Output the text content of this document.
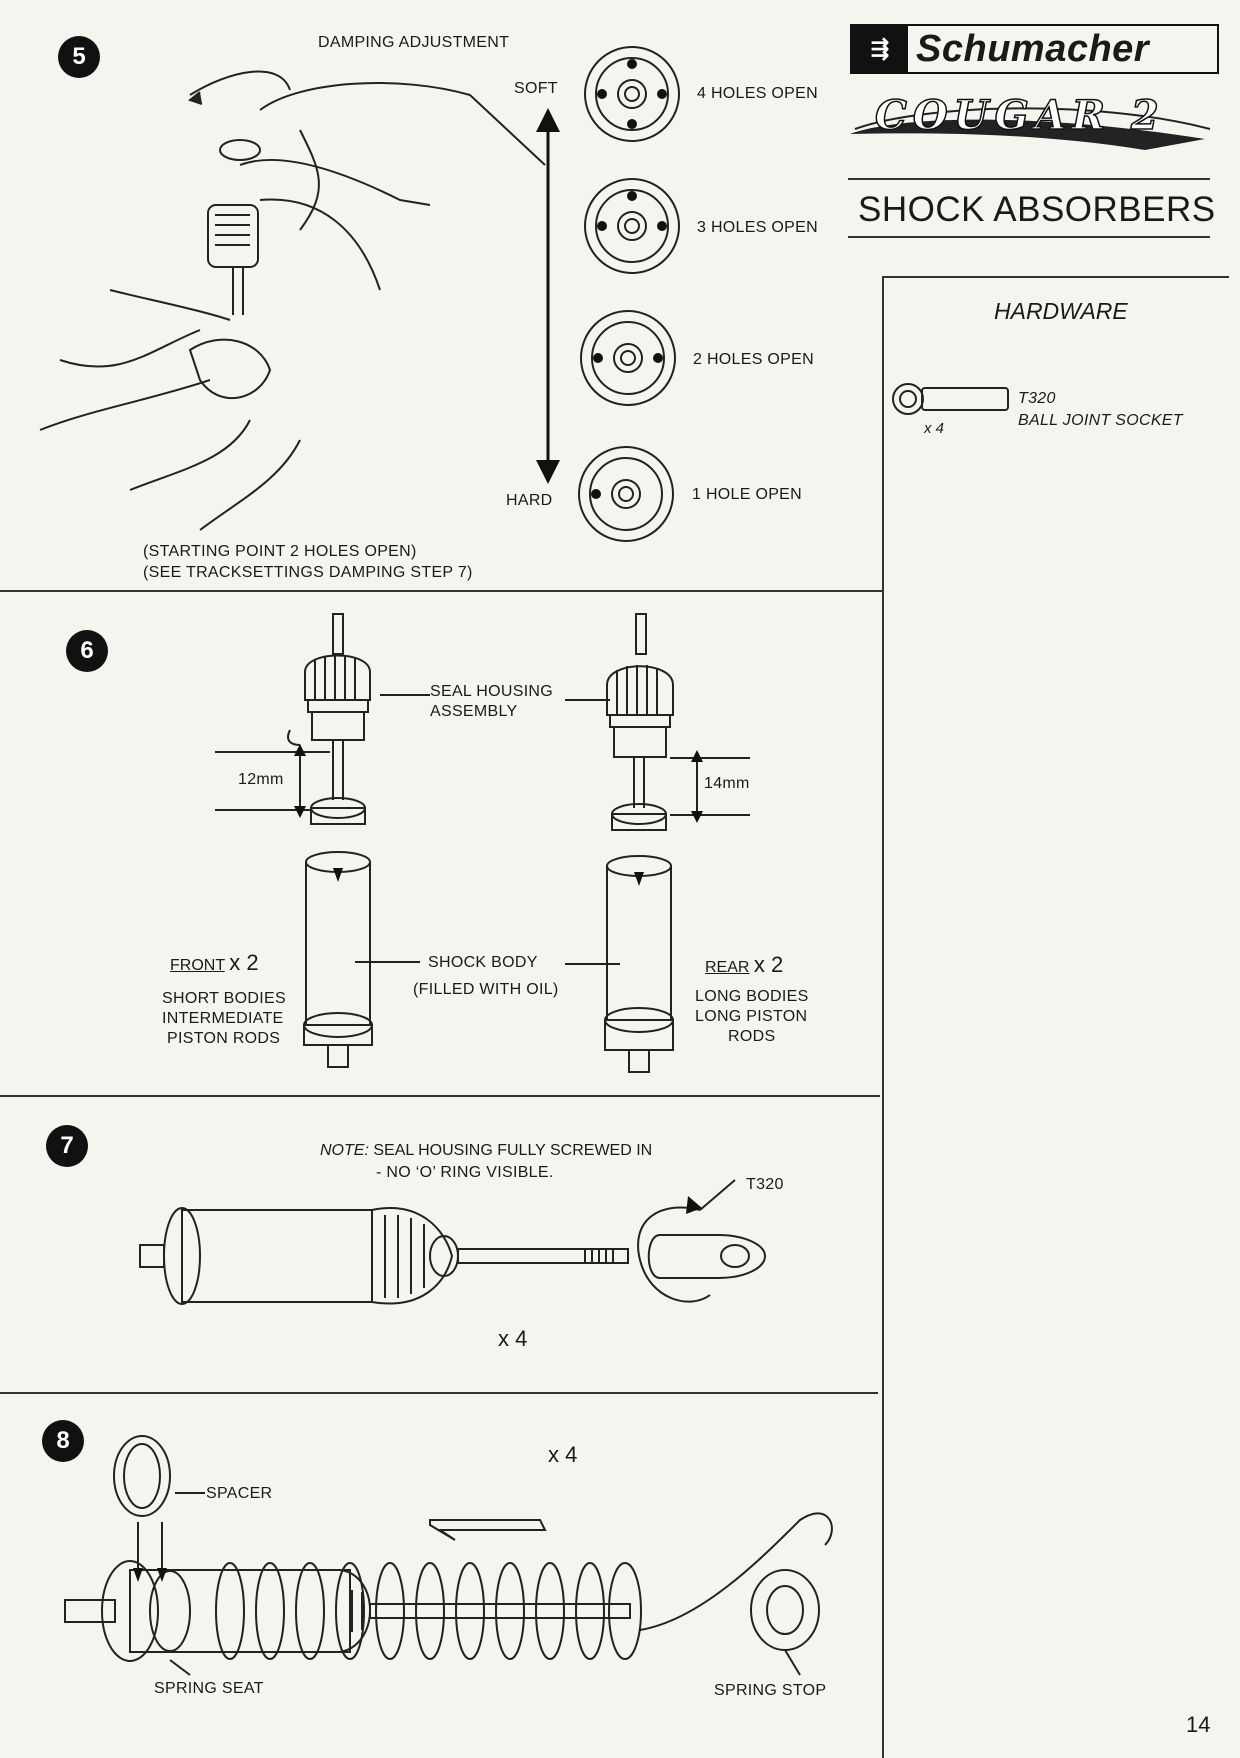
⇶ Schumacher
COUGAR 2
SHOCK ABSORBERS
HARDWARE
T320
BALL JOINT SOCKET
x 4
5
DAMPING ADJUSTMENT
SOFT
HARD
4 HOLES OPEN
3 HOLES OPEN
2 HOLES OPEN
1 HOLE OPEN
(STARTING POINT 2 HOLES OPEN)
(SEE TRACKSETTINGS DAMPING STEP 7)
6
SEAL HOUSING
ASSEMBLY
12mm	14mm
SHOCK BODY
(FILLED WITH OIL)
FRONT x 2
SHORT BODIES
INTERMEDIATE
PISTON RODS
REAR x 2
LONG BODIES
LONG PISTON
RODS
7	NOTE: SEAL HOUSING FULLY SCREWED IN
- NO ‘O’ RING VISIBLE.
T320
x 4
8
x 4
SPACER
SPRING SEAT	SPRING STOP
14
